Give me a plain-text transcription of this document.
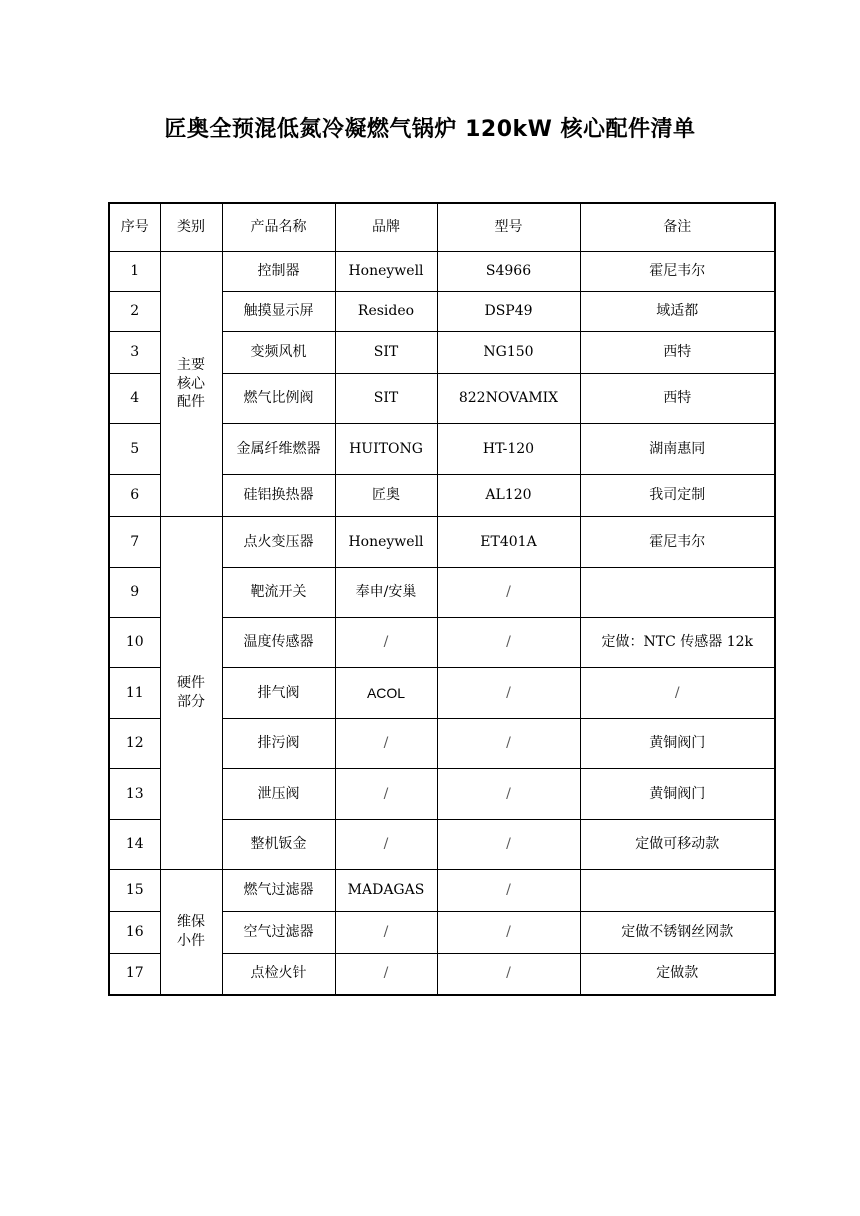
匠奥全预混低氮冷凝燃气锅炉 120kW 核心配件清单
序号	类别	产品名称	品牌	型号	备注
1	主要
核心
配件	控制器	Honeywell	S4966	霍尼韦尔
2		触摸显示屏	Resideo	DSP49	域适都
3		变频风机	SIT	NG150	西特
4		燃气比例阀	SIT	822NOVAMIX	西特
5		金属纤维燃器	HUITONG	HT-120	湖南惠同
6		硅铝换热器	匠奥	AL120	我司定制
7	硬件
部分	点火变压器	Honeywell	ET401A	霍尼韦尔
9		靶流开关	奉申/安巢	/	
10		温度传感器	/	/	定做：NTC 传感器 12k
11		排气阀	ACOL	/	/
12		排污阀	/	/	黄铜阀门
13		泄压阀	/	/	黄铜阀门
14		整机钣金	/	/	定做可移动款
15	维保
小件	燃气过滤器	MADAGAS	/	
16		空气过滤器	/	/	定做不锈钢丝网款
17		点检火针	/	/	定做款
